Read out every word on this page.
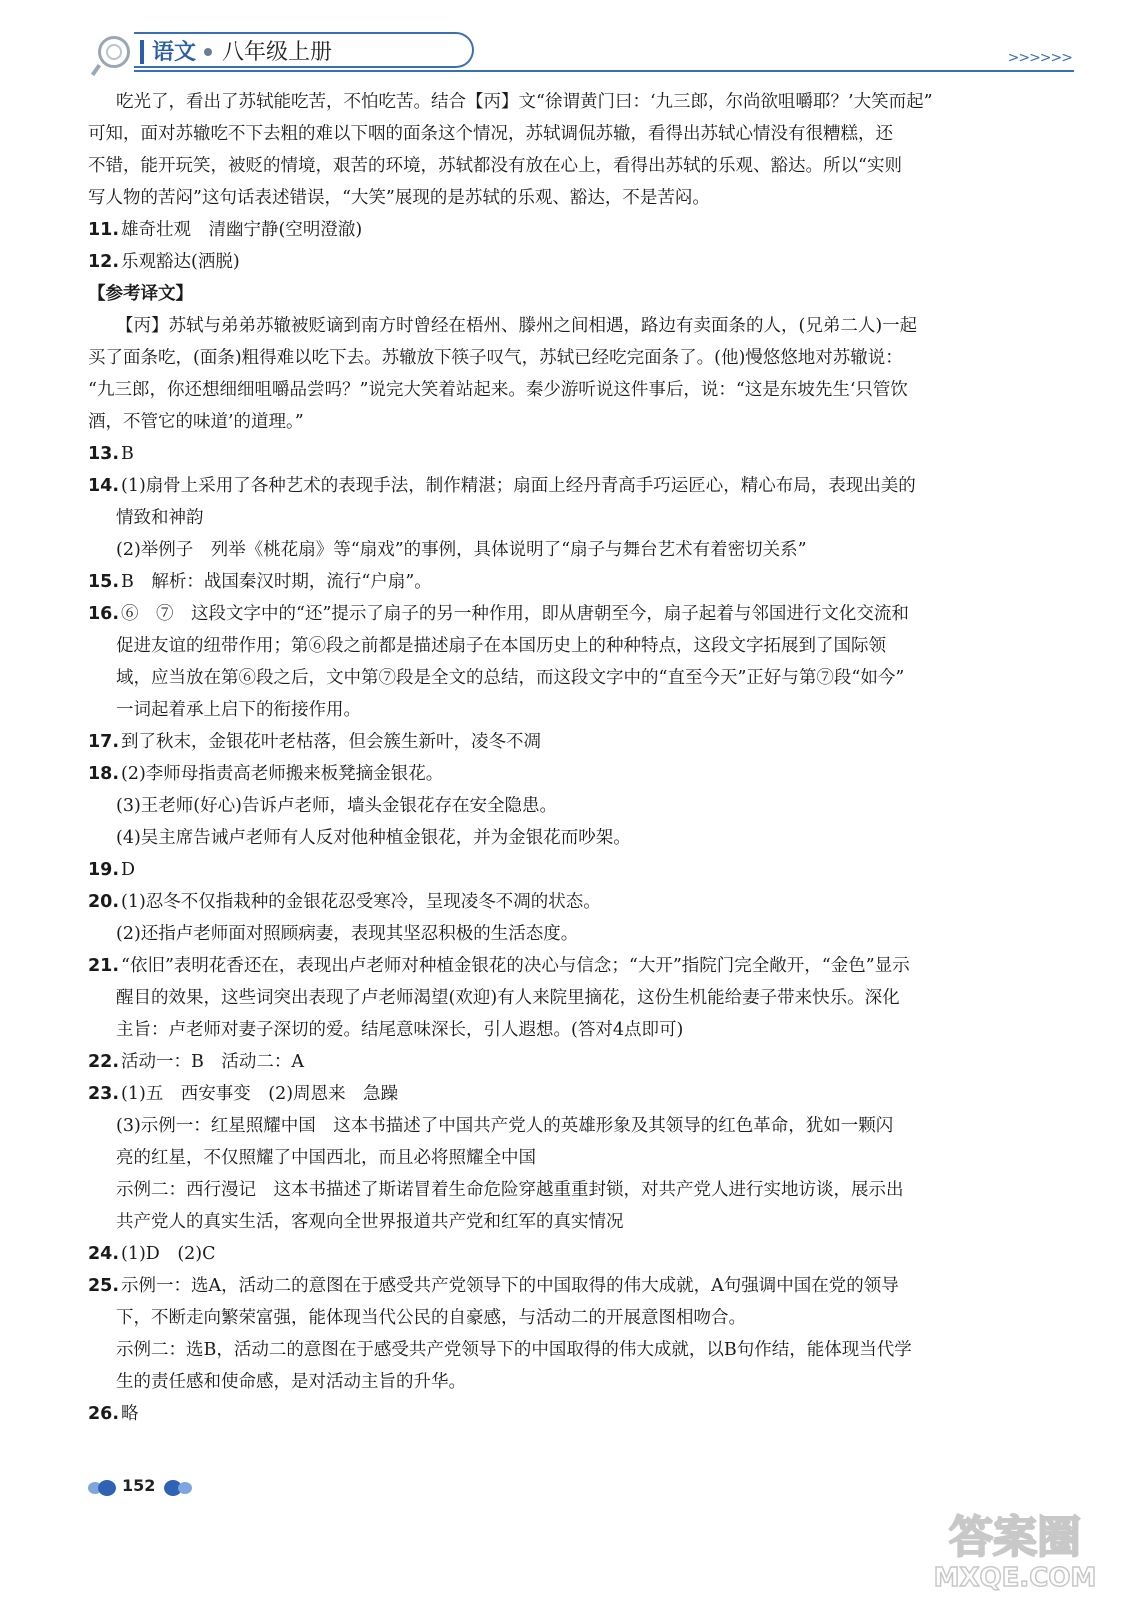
语文 八年级上册	>>>>>>

吃光了，看出了苏轼能吃苦，不怕吃苦。结合【丙】文“徐谓黄门曰：‘九三郎，尔尚欲咀嚼耶？’大笑而起”

可知，面对苏辙吃不下去粗的难以下咽的面条这个情况，苏轼调侃苏辙，看得出苏轼心情没有很糟糕，还

不错，能开玩笑，被贬的情境，艰苦的环境，苏轼都没有放在心上，看得出苏轼的乐观、豁达。所以“实则

写人物的苦闷”这句话表述错误，“大笑”展现的是苏轼的乐观、豁达，不是苦闷。

11. 雄奇壮观　清幽宁静(空明澄澈)

12. 乐观豁达(洒脱)

【参考译文】

【丙】苏轼与弟弟苏辙被贬谪到南方时曾经在梧州、滕州之间相遇，路边有卖面条的人，(兄弟二人)一起

买了面条吃，(面条)粗得难以吃下去。苏辙放下筷子叹气，苏轼已经吃完面条了。(他)慢悠悠地对苏辙说：

“九三郎，你还想细细咀嚼品尝吗？”说完大笑着站起来。秦少游听说这件事后，说：“这是东坡先生‘只管饮

酒，不管它的味道’的道理。”

13. B

14. (1)扇骨上采用了各种艺术的表现手法，制作精湛；扇面上经丹青高手巧运匠心，精心布局，表现出美的

情致和神韵

(2)举例子　列举《桃花扇》等“扇戏”的事例，具体说明了“扇子与舞台艺术有着密切关系”

15. B　解析：战国秦汉时期，流行“户扇”。

16. ⑥　⑦　这段文字中的“还”提示了扇子的另一种作用，即从唐朝至今，扇子起着与邻国进行文化交流和

促进友谊的纽带作用；第⑥段之前都是描述扇子在本国历史上的种种特点，这段文字拓展到了国际领

域，应当放在第⑥段之后，文中第⑦段是全文的总结，而这段文字中的“直至今天”正好与第⑦段“如今”

一词起着承上启下的衔接作用。

17. 到了秋末，金银花叶老枯落，但会簇生新叶，凌冬不凋

18. (2)李师母指责高老师搬来板凳摘金银花。

(3)王老师(好心)告诉卢老师，墙头金银花存在安全隐患。

(4)吴主席告诫卢老师有人反对他种植金银花，并为金银花而吵架。

19. D

20. (1)忍冬不仅指栽种的金银花忍受寒冷，呈现凌冬不凋的状态。

(2)还指卢老师面对照顾病妻，表现其坚忍积极的生活态度。

21. “依旧”表明花香还在，表现出卢老师对种植金银花的决心与信念；“大开”指院门完全敞开，“金色”显示

醒目的效果，这些词突出表现了卢老师渴望(欢迎)有人来院里摘花，这份生机能给妻子带来快乐。深化

主旨：卢老师对妻子深切的爱。结尾意味深长，引人遐想。(答对4点即可)

22. 活动一：B　活动二：A

23. (1)五　西安事变　(2)周恩来　急躁

(3)示例一：红星照耀中国　这本书描述了中国共产党人的英雄形象及其领导的红色革命，犹如一颗闪

亮的红星，不仅照耀了中国西北，而且必将照耀全中国

示例二：西行漫记　这本书描述了斯诺冒着生命危险穿越重重封锁，对共产党人进行实地访谈，展示出

共产党人的真实生活，客观向全世界报道共产党和红军的真实情况

24. (1)D　(2)C

25. 示例一：选A，活动二的意图在于感受共产党领导下的中国取得的伟大成就，A句强调中国在党的领导

下，不断走向繁荣富强，能体现当代公民的自豪感，与活动二的开展意图相吻合。

示例二：选B，活动二的意图在于感受共产党领导下的中国取得的伟大成就，以B句作结，能体现当代学

生的责任感和使命感，是对活动主旨的升华。

26. 略

152
答案圈
MXQE.COM
